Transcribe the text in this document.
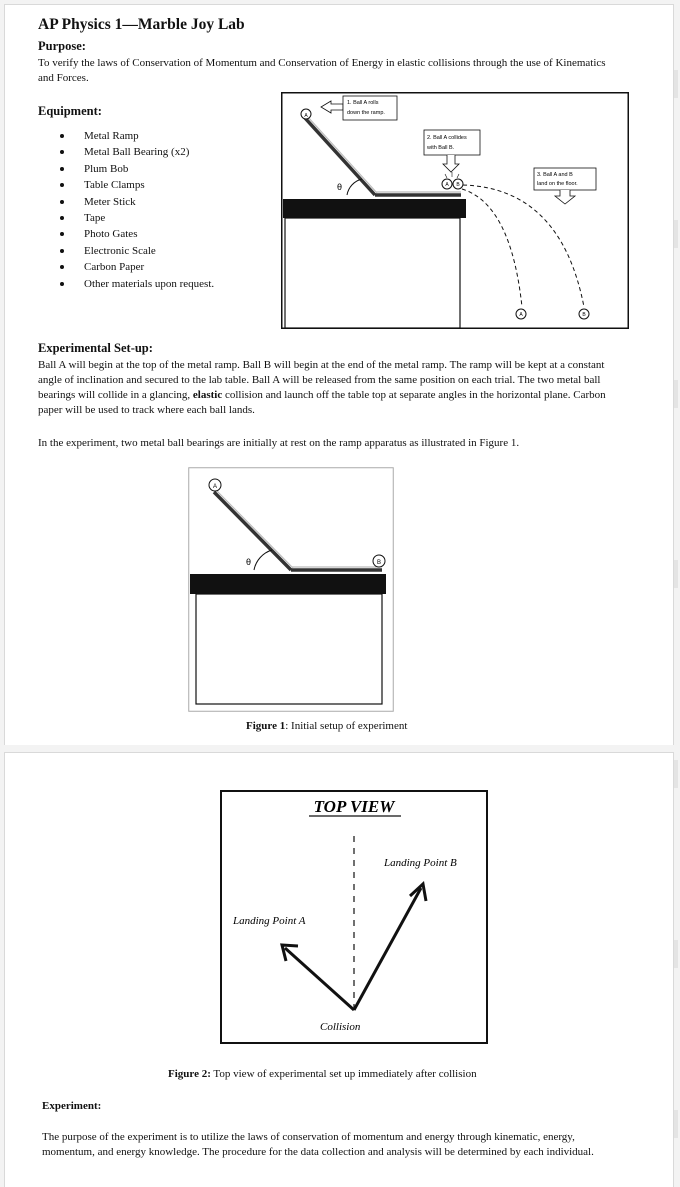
AP Physics 1—Marble Joy Lab
Purpose:
To verify the laws of Conservation of Momentum and Conservation of Energy in elastic collisions through the use of Kinematics and Forces.
Equipment:
Metal Ramp
Metal Ball Bearing (x2)
Plum Bob
Table Clamps
Meter Stick
Tape
Photo Gates
Electronic Scale
Carbon Paper
Other materials upon request.
θ
A
1. Ball A rolls
down the ramp.
2. Ball A collides
with Ball B.
A B
A	B
3. Ball A and B
land on the floor.
Experimental Set-up:
Ball A will begin at the top of the metal ramp. Ball B will begin at the end of the metal ramp. The ramp will be kept at a constant angle of inclination and secured to the lab table. Ball A will be released from the same position on each trial. The two metal ball bearings will collide in a glancing, elastic collision and launch off the table top at separate angles in the horizontal plane. Carbon paper will be used to track where each ball lands.
In the experiment, two metal ball bearings are initially at rest on the ramp apparatus as illustrated in Figure 1.
θ
A
B
Figure 1: Initial setup of experiment
TOP VIEW
Landing Point A
Landing Point B
Collision
Figure 2: Top view of experimental set up immediately after collision
Experiment:
The purpose of the experiment is to utilize the laws of conservation of momentum and energy through kinematic, energy, momentum, and energy knowledge. The procedure for the data collection and analysis will be determined by each individual.
